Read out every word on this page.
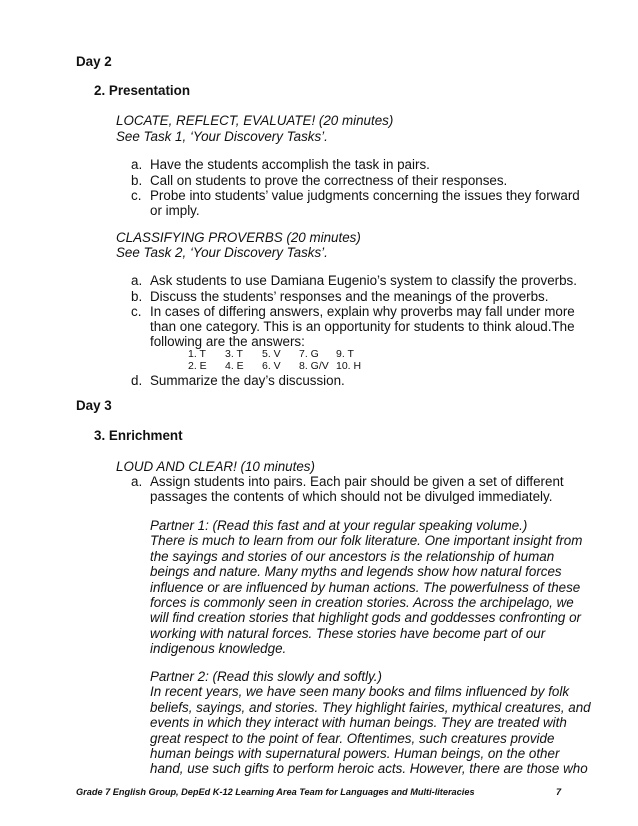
Day 2
2. Presentation
LOCATE, REFLECT, EVALUATE! (20 minutes)
See Task 1, ‘Your Discovery Tasks’.
a. Have the students accomplish the task in pairs.
b. Call on students to prove the correctness of their responses.
c. Probe into students’ value judgments concerning the issues they forward
or imply.
CLASSIFYING PROVERBS (20 minutes)
See Task 2, ‘Your Discovery Tasks’.
a. Ask students to use Damiana Eugenio’s system to classify the proverbs.
b. Discuss the students’ responses and the meanings of the proverbs.
c. In cases of differing answers, explain why proverbs may fall under more
than one category. This is an opportunity for students to think aloud.The
following are the answers:
1. T 3. T 5. V 7. G 9. T
2. E 4. E 6. V 8. G/V 10. H
d. Summarize the day’s discussion.
Day 3
3. Enrichment
LOUD AND CLEAR! (10 minutes)
a. Assign students into pairs. Each pair should be given a set of different
passages the contents of which should not be divulged immediately.
Partner 1: (Read this fast and at your regular speaking volume.)
There is much to learn from our folk literature. One important insight from
the sayings and stories of our ancestors is the relationship of human
beings and nature. Many myths and legends show how natural forces
influence or are influenced by human actions. The powerfulness of these
forces is commonly seen in creation stories. Across the archipelago, we
will find creation stories that highlight gods and goddesses confronting or
working with natural forces. These stories have become part of our
indigenous knowledge.
Partner 2: (Read this slowly and softly.)
In recent years, we have seen many books and films influenced by folk
beliefs, sayings, and stories. They highlight fairies, mythical creatures, and
events in which they interact with human beings. They are treated with
great respect to the point of fear. Oftentimes, such creatures provide
human beings with supernatural powers. Human beings, on the other
hand, use such gifts to perform heroic acts. However, there are those who
Grade 7 English Group, DepEd K-12 Learning Area Team for Languages and Multi-literacies	7
